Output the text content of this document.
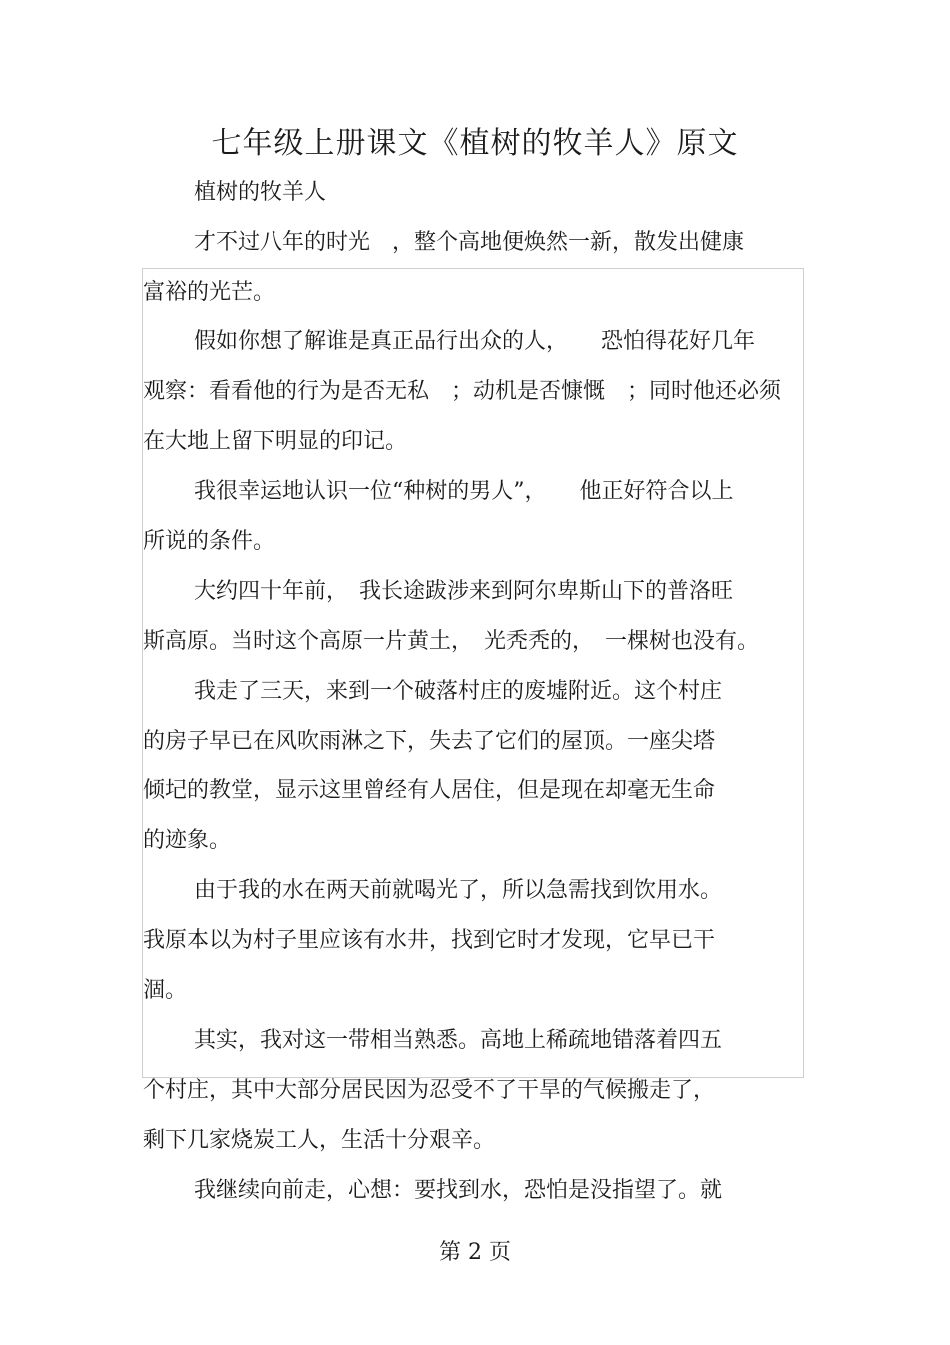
七年级上册课文《植树的牧羊人》原文

植树的牧羊人

才不过八年的时光　，整个高地便焕然一新，散发出健康

富裕的光芒。

假如你想了解谁是真正品行出众的人，　　恐怕得花好几年

观察：看看他的行为是否无私　；动机是否慷慨　；同时他还必须

在大地上留下明显的印记。

我很幸运地认识一位“种树的男人”，　　他正好符合以上

所说的条件。

大约四十年前，　我长途跋涉来到阿尔卑斯山下的普洛旺

斯高原。当时这个高原一片黄土，　光秃秃的，　一棵树也没有。

我走了三天，来到一个破落村庄的废墟附近。这个村庄

的房子早已在风吹雨淋之下，失去了它们的屋顶。一座尖塔

倾圮的教堂，显示这里曾经有人居住，但是现在却毫无生命

的迹象。

由于我的水在两天前就喝光了，所以急需找到饮用水。

我原本以为村子里应该有水井，找到它时才发现，它早已干

涸。

其实，我对这一带相当熟悉。高地上稀疏地错落着四五

个村庄，其中大部分居民因为忍受不了干旱的气候搬走了，

剩下几家烧炭工人，生活十分艰辛。

我继续向前走，心想：要找到水，恐怕是没指望了。就

第 2 页
